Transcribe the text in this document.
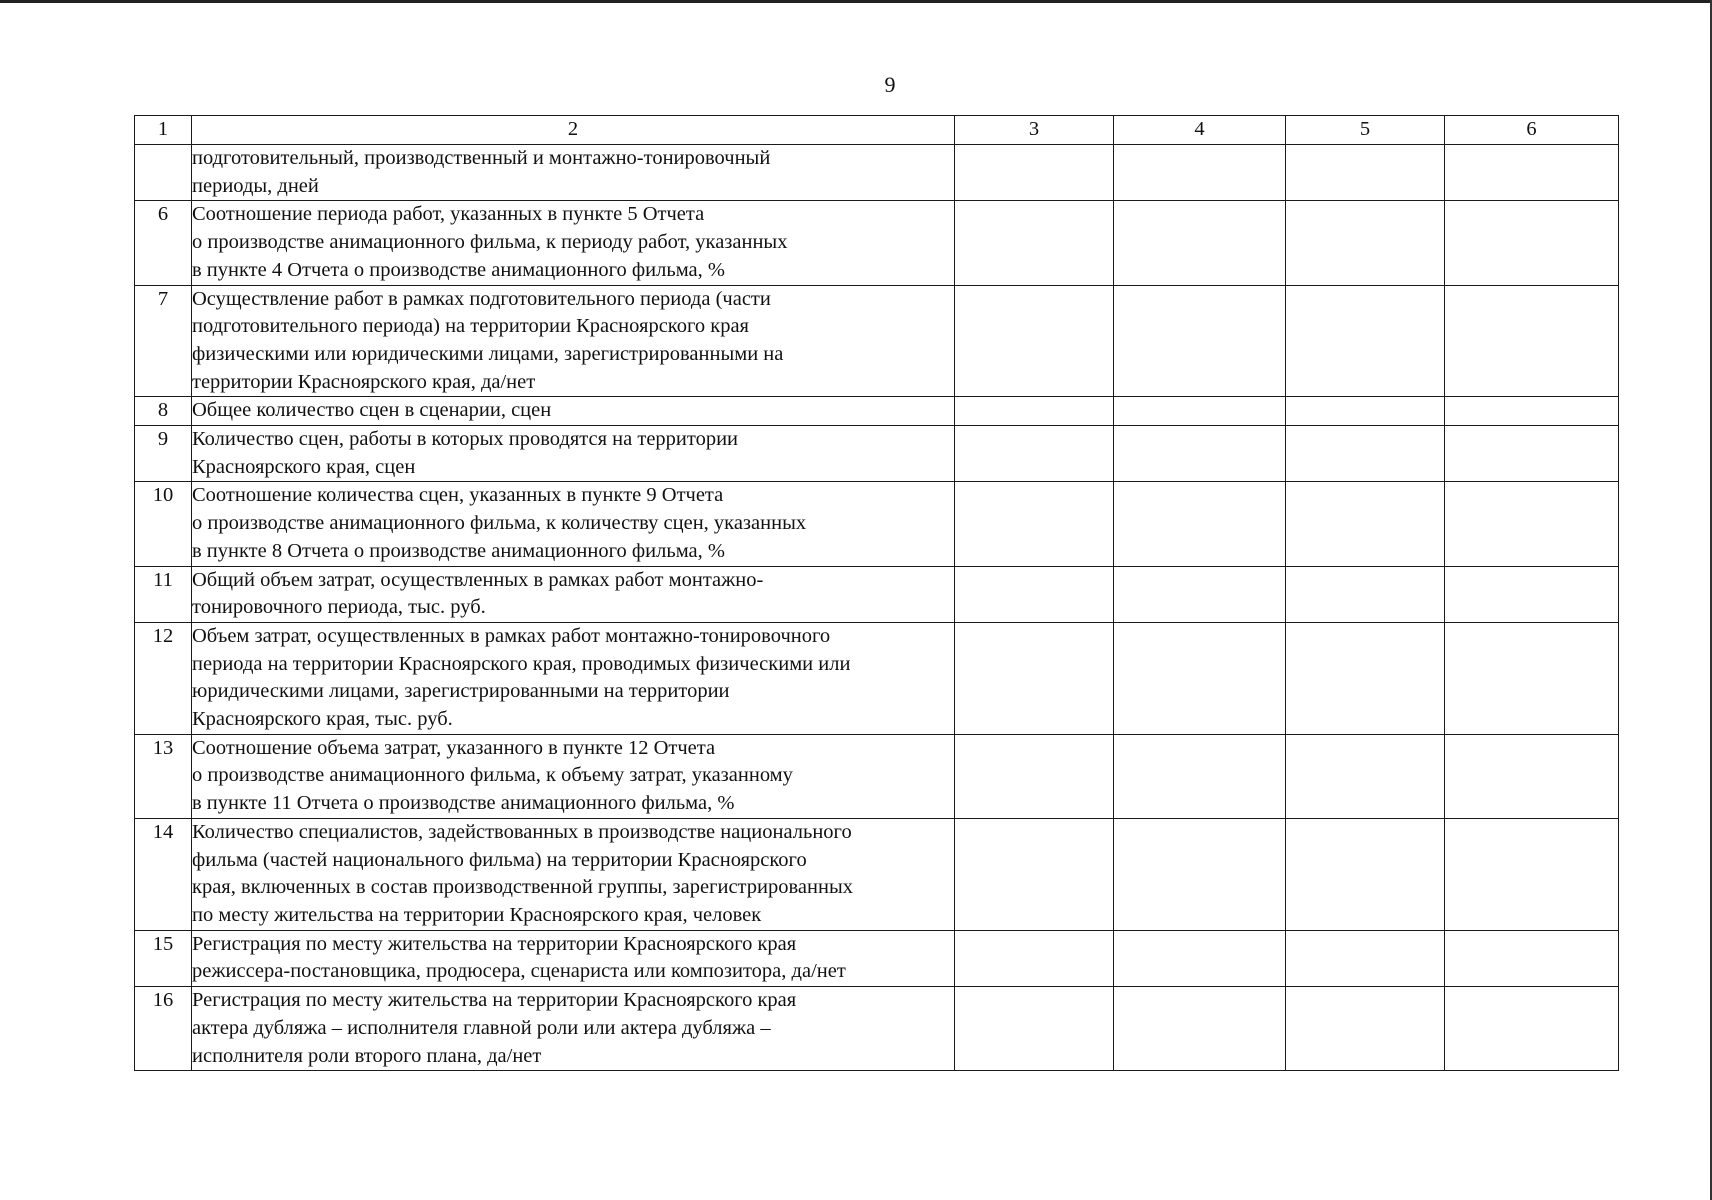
9
1	2	3	4	5	6

	подготовительный, производственный и монтажно-тонировочный
периоды, дней				

6	Соотношение периода работ, указанных в пункте 5 Отчета
о производстве анимационного фильма, к периоду работ, указанных
в пункте 4 Отчета о производстве анимационного фильма, %				

7	Осуществление работ в рамках подготовительного периода (части
подготовительного периода) на территории Красноярского края
физическими или юридическими лицами, зарегистрированными на
территории Красноярского края, да/нет				

8	Общее количество сцен в сценарии, сцен				

9	Количество сцен, работы в которых проводятся на территории
Красноярского края, сцен				

10	Соотношение количества сцен, указанных в пункте 9 Отчета
о производстве анимационного фильма, к количеству сцен, указанных
в пункте 8 Отчета о производстве анимационного фильма, %				

11	Общий объем затрат, осуществленных в рамках работ монтажно-
тонировочного периода, тыс. руб.				

12	Объем затрат, осуществленных в рамках работ монтажно-тонировочного
периода на территории Красноярского края, проводимых физическими или
юридическими лицами, зарегистрированными на территории
Красноярского края, тыс. руб.				

13	Соотношение объема затрат, указанного в пункте 12 Отчета
о производстве анимационного фильма, к объему затрат, указанному
в пункте 11 Отчета о производстве анимационного фильма, %				

14	Количество специалистов, задействованных в производстве национального
фильма (частей национального фильма) на территории Красноярского
края, включенных в состав производственной группы, зарегистрированных
по месту жительства на территории Красноярского края, человек				

15	Регистрация по месту жительства на территории Красноярского края
режиссера-постановщика, продюсера, сценариста или композитора, да/нет				

16	Регистрация по месту жительства на территории Красноярского края
актера дубляжа – исполнителя главной роли или актера дубляжа –
исполнителя роли второго плана, да/нет				
